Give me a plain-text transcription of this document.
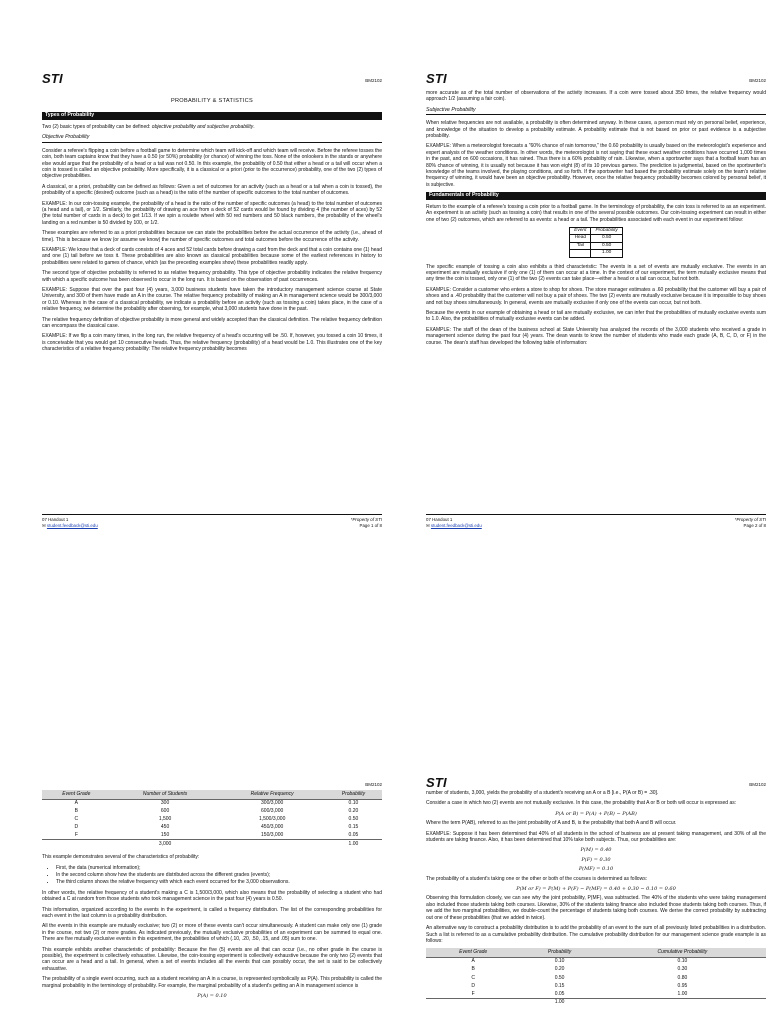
STI	BM2102
PROBABILITY & STATISTICS
Types of Probability

Two (2) basic types of probability can be defined: objective probability and subjective probability.

Objective Probability

Consider a referee's flipping a coin before a football game to determine which team will kick-off and which team will receive. Before the referee tosses the coin, both team captains know that they have a 0.50 (or 50%) probability (or chance) of winning the toss. None of the onlookers in the stands or anywhere else would argue that the probability of a head or a tail was not 0.50. In this example, the probability of 0.50 that either a head or a tail will occur when a coin is tossed is called an objective probability. More specifically, it is a classical or a priori (prior to the occurrence) probability, one of the two (2) types of objective probabilities.

A classical, or a priori, probability can be defined as follows: Given a set of outcomes for an activity (such as a head or a tail when a coin is tossed), the probability of a specific (desired) outcome (such as a head) is the ratio of the number of specific outcomes to the total number of outcomes.

EXAMPLE: In our coin-tossing example, the probability of a head is the ratio of the number of specific outcomes (a head) to the total number of outcomes (a head and a tail), or 1/2. Similarly, the probability of drawing an ace from a deck of 52 cards would be found by dividing 4 (the number of aces) by 52 (the total number of cards in a deck) to get 1/13. If we spin a roulette wheel with 50 red numbers and 50 black numbers, the probability of the wheel's landing on a red number is 50 divided by 100, or 1/2.

These examples are referred to as a priori probabilities because we can state the probabilities before the actual occurrence of the activity (i.e., ahead of time). This is because we know (or assume we know) the number of specific outcomes and total outcomes before the occurrence of the activity.

EXAMPLE: We know that a deck of cards consists of 4 aces and 52 total cards before drawing a card from the deck and that a coin contains one (1) head and one (1) tail before we toss it. These probabilities are also known as classical probabilities because some of the earliest references in history to probabilities were related to games of chance, which (as the preceding examples show) these probabilities readily apply.

The second type of objective probability is referred to as relative frequency probability. This type of objective probability indicates the relative frequency with which a specific outcome has been observed to occur in the long run. It is based on the observation of past occurrences.

EXAMPLE: Suppose that over the past four (4) years, 3,000 business students have taken the introductory management science course at State University, and 300 of them have made an A in the course. The relative frequency probability of making an A in management science would be 300/3,000 or 0.10. Whereas in the case of a classical probability, we indicate a probability before an activity (such as tossing a coin) takes place, in the case of a relative frequency, we determine the probability after observing, for example, what 3,000 students have done in the past.

The relative frequency definition of objective probability is more general and widely accepted than the classical definition. The relative frequency definition can encompass the classical case.

EXAMPLE: If we flip a coin many times, in the long run, the relative frequency of a head's occurring will be .50. If, however, you tossed a coin 10 times, it is conceivable that you would get 10 consecutive heads. Thus, the relative frequency (probability) of a head would be 1.0. This illustrates one of the key characteristics of a relative frequency probability: The relative frequency probability becomes

07 Handout 1
✉ student.feedback@sti.edu
*Property of STI
Page 1 of 8
STI	BM2102

more accurate as of the total number of observations of the activity increases. If a coin were tossed about 350 times, the relative frequency would approach 1/2 (assuming a fair coin).

Subjective Probability

When relative frequencies are not available, a probability is often determined anyway. In these cases, a person must rely on personal belief, experience, and knowledge of the situation to develop a probability estimate. A probability estimate that is not based on prior or past evidence is a subjective probability.

EXAMPLE: When a meteorologist forecasts a "60% chance of rain tomorrow," the 0.60 probability is usually based on the meteorologist's experience and expert analysis of the weather conditions. In other words, the meteorologist is not saying that these exact weather conditions have occurred 1,000 times in the past, and on 600 occasions, it has rained. Thus there is a 60% probability of rain. Likewise, when a sportswriter says that a football team has an 80% chance of winning, it is usually not because it has won eight (8) of its 10 previous games. The prediction is judgmental, based on the sportswriter's knowledge of the teams involved, the playing conditions, and so forth. If the sportswriter had based the probability estimate solely on the team's relative frequency of winning, it would have been an objective probability. However, once the relative frequency probability becomes colored by personal belief, it is subjective.

Fundamentals of Probability

Return to the example of a referee's tossing a coin prior to a football game. In the terminology of probability, the coin toss is referred to as an experiment. An experiment is an activity (such as tossing a coin) that results in one of the several possible outcomes. Our coin-tossing experiment can result in either one of two (2) outcomes, which are referred to as events: a head or a tail. The probabilities associated with each event in our experiment follow:

Event	Probability
Head	0.50
Tail	0.50
	1.00

The specific example of tossing a coin also exhibits a third characteristic: The events in a set of events are mutually exclusive. The events in an experiment are mutually exclusive if only one (1) of them can occur at a time. In the context of our experiment, the term mutually exclusive means that any time the coin is tossed, only one (1) of the two (2) events can take place—either a head or a tail can occur, but not both.

EXAMPLE: Consider a customer who enters a store to shop for shoes. The store manager estimates a .60 probability that the customer will buy a pair of shoes and a .40 probability that the customer will not buy a pair of shoes. The two (2) events are mutually exclusive because it is impossible to buy shoes and not buy shoes simultaneously. In general, events are mutually exclusive if only one of the events can occur, but not both.

Because the events in our example of obtaining a head or tail are mutually exclusive, we can infer that the probabilities of mutually exclusive events sum to 1.0. Also, the probabilities of mutually exclusive events can be added.

EXAMPLE: The staff of the dean of the business school at State University has analyzed the records of the 3,000 students who received a grade in management science during the past four (4) years. The dean wants to know the number of students who made each grade (A, B, C, D, or F) in the course. The dean's staff has developed the following table of information:

07 Handout 1
✉ student.feedback@sti.edu
*Property of STI
Page 2 of 8
BM2102
Event Grade	Number of Students	Relative Frequency	Probability
A	300	300/3,000	0.10
B	600	600/3,000	0.20
C	1,500	1,500/3,000	0.50
D	450	450/3,000	0.15
F	150	150/3,000	0.05
	3,000		1.00

This example demonstrates several of the characteristics of probability:

• First, the data (numerical information);
• In the second column show how the students are distributed across the different grades (events);
• The third column shows the relative frequency with which each event occurred for the 3,000 observations.

In other words, the relative frequency of a student's making a C is 1,500/3,000, which also means that the probability of selecting a student who had obtained a C at random from those students who took management science in the past four (4) years is 0.50.

This information, organized according to the events in the experiment, is called a frequency distribution. The list of the corresponding probabilities for each event in the last column is a probability distribution.

All the events in this example are mutually exclusive; two (2) or more of these events can't occur simultaneously. A student can make only one (1) grade in the course, not two (2) or more grades. As indicated previously, the mutually exclusive probabilities of an experiment can be summed to equal one. There are five mutually exclusive events in this experiment, the probabilities of which (.10, .20, .50, .15, and .05) sum to one.

This example exhibits another characteristic of probability: Because the five (5) events are all that can occur (i.e., no other grade in the course is possible), the experiment is collectively exhaustive. Likewise, the coin-tossing experiment is collectively exhaustive because the only two (2) events that can occur are a head and a tail. In general, when a set of events includes all the events that can possibly occur, the set is said to be collectively exhaustive.

The probability of a single event occurring, such as a student receiving an A in a course, is represented symbolically as P(A). This probability is called the marginal probability in the terminology of probability. For example, the marginal probability of a student's getting an A in management science is

P(A) = 0.10
STI	BM2102

number of students, 3,000, yields the probability of a student's receiving an A or a B [i.e., P(A or B) = .30].

Consider a case in which two (2) events are not mutually exclusive. In this case, the probability that A or B or both will occur is expressed as:

P(A or B) = P(A) + P(B) − P(AB)

Where the term P(AB), referred to as the joint probability of A and B, is the probability that both A and B will occur.

EXAMPLE: Suppose it has been determined that 40% of all students in the school of business are at present taking management, and 30% of all the students are taking finance. Also, it has been determined that 10% take both subjects. Thus, our probabilities are:

P(M) = 0.40
P(F) = 0.30
P(MF) = 0.10

The probability of a student's taking one or the other or both of the courses is determined as follows:

P(M or F) = P(M) + P(F) − P(MF) = 0.40 + 0.30 − 0.10 = 0.60

Observing this formulation closely, we can see why the joint probability, P(MF), was subtracted. The 40% of the students who were taking management also included those students taking both courses. Likewise, 30% of the students taking finance also included those students taking both courses. Thus, if we add the two marginal probabilities, we double-count the percentage of students taking both courses. We derive the correct probability by subtracting out one of these probabilities (that we added in twice).

An alternative way to construct a probability distribution is to add the probability of an event to the sum of all previously listed probabilities in a distribution. Such a list is referred to as a cumulative probability distribution. The cumulative probability distribution for our management science grade example is as follows:

Event Grade	Probability	Cumulative Probability
A	0.10	0.10
B	0.20	0.30
C	0.50	0.80
D	0.15	0.95
F	0.05	1.00
	1.00	
